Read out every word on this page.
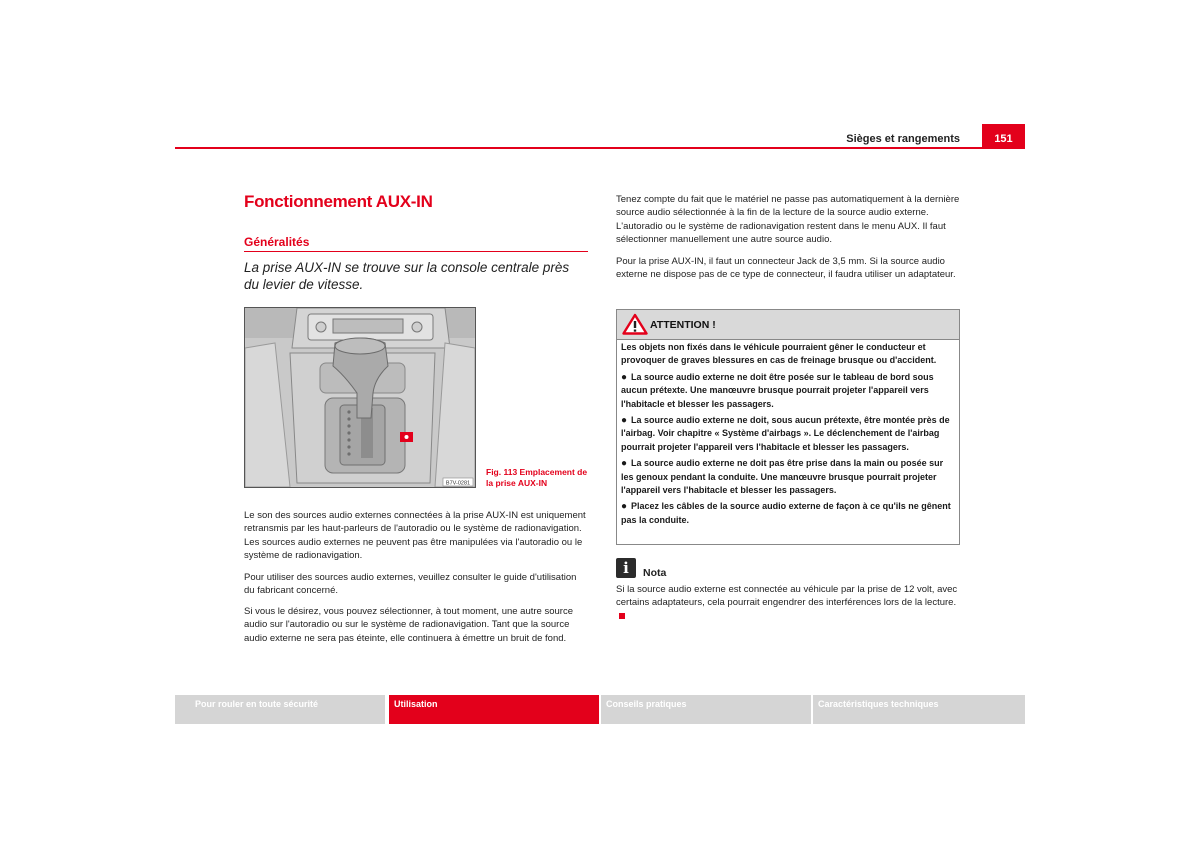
Sièges et rangements	151
Fonctionnement AUX-IN
Généralités
La prise AUX-IN se trouve sur la console centrale près du levier de vitesse.
B7V-0281
Fig. 113 Emplacement de la prise AUX-IN
Le son des sources audio externes connectées à la prise AUX-IN est uniquement retransmis par les haut-parleurs de l'autoradio ou le système de radionavigation. Les sources audio externes ne peuvent pas être manipulées via l'autoradio ou le système de radionavigation.
Pour utiliser des sources audio externes, veuillez consulter le guide d'utilisation du fabricant concerné.
Si vous le désirez, vous pouvez sélectionner, à tout moment, une autre source audio sur l'autoradio ou sur le système de radionavigation. Tant que la source audio externe ne sera pas éteinte, elle continuera à émettre un bruit de fond.
Tenez compte du fait que le matériel ne passe pas automatiquement à la dernière source audio sélectionnée à la fin de la lecture de la source audio externe. L'autoradio ou le système de radionavigation restent dans le menu AUX. Il faut sélectionner manuellement une autre source audio.
Pour la prise AUX-IN, il faut un connecteur Jack de 3,5 mm. Si la source audio externe ne dispose pas de ce type de connecteur, il faudra utiliser un adaptateur.
ATTENTION !
Les objets non fixés dans le véhicule pourraient gêner le conducteur et provoquer de graves blessures en cas de freinage brusque ou d'accident.
● La source audio externe ne doit être posée sur le tableau de bord sous aucun prétexte. Une manœuvre brusque pourrait projeter l'appareil vers l'habitacle et blesser les passagers.
● La source audio externe ne doit, sous aucun prétexte, être montée près de l'airbag. Voir chapitre « Système d'airbags ». Le déclenchement de l'airbag pourrait projeter l'appareil vers l'habitacle et blesser les passagers.
● La source audio externe ne doit pas être prise dans la main ou posée sur les genoux pendant la conduite. Une manœuvre brusque pourrait projeter l'appareil vers l'habitacle et blesser les passagers.
● Placez les câbles de la source audio externe de façon à ce qu'ils ne gênent pas la conduite.
i	Nota
Si la source audio externe est connectée au véhicule par la prise de 12 volt, avec certains adaptateurs, cela pourrait engendrer des interférences lors de la lecture.
Pour rouler en toute sécurité	Utilisation	Conseils pratiques	Caractéristiques techniques
